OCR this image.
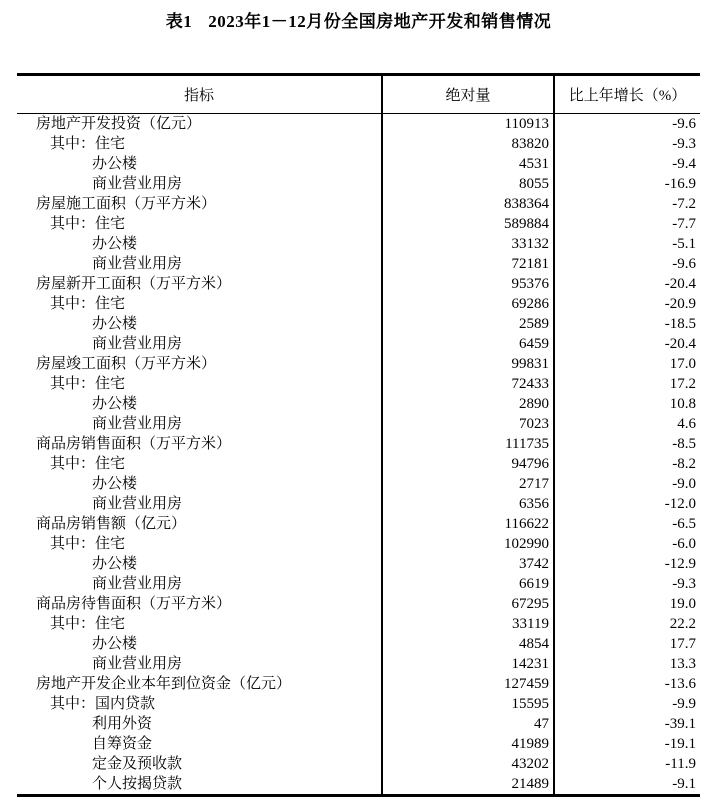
表1 2023年1－12月份全国房地产开发和销售情况
指标	绝对量	比上年增长（%）
房地产开发投资（亿元）	110913	-9.6
其中：住宅	83820	-9.3
办公楼	4531	-9.4
商业营业用房	8055	-16.9
房屋施工面积（万平方米）	838364	-7.2
其中：住宅	589884	-7.7
办公楼	33132	-5.1
商业营业用房	72181	-9.6
房屋新开工面积（万平方米）	95376	-20.4
其中：住宅	69286	-20.9
办公楼	2589	-18.5
商业营业用房	6459	-20.4
房屋竣工面积（万平方米）	99831	17.0
其中：住宅	72433	17.2
办公楼	2890	10.8
商业营业用房	7023	4.6
商品房销售面积（万平方米）	111735	-8.5
其中：住宅	94796	-8.2
办公楼	2717	-9.0
商业营业用房	6356	-12.0
商品房销售额（亿元）	116622	-6.5
其中：住宅	102990	-6.0
办公楼	3742	-12.9
商业营业用房	6619	-9.3
商品房待售面积（万平方米）	67295	19.0
其中：住宅	33119	22.2
办公楼	4854	17.7
商业营业用房	14231	13.3
房地产开发企业本年到位资金（亿元）	127459	-13.6
其中：国内贷款	15595	-9.9
利用外资	47	-39.1
自筹资金	41989	-19.1
定金及预收款	43202	-11.9
个人按揭贷款	21489	-9.1
